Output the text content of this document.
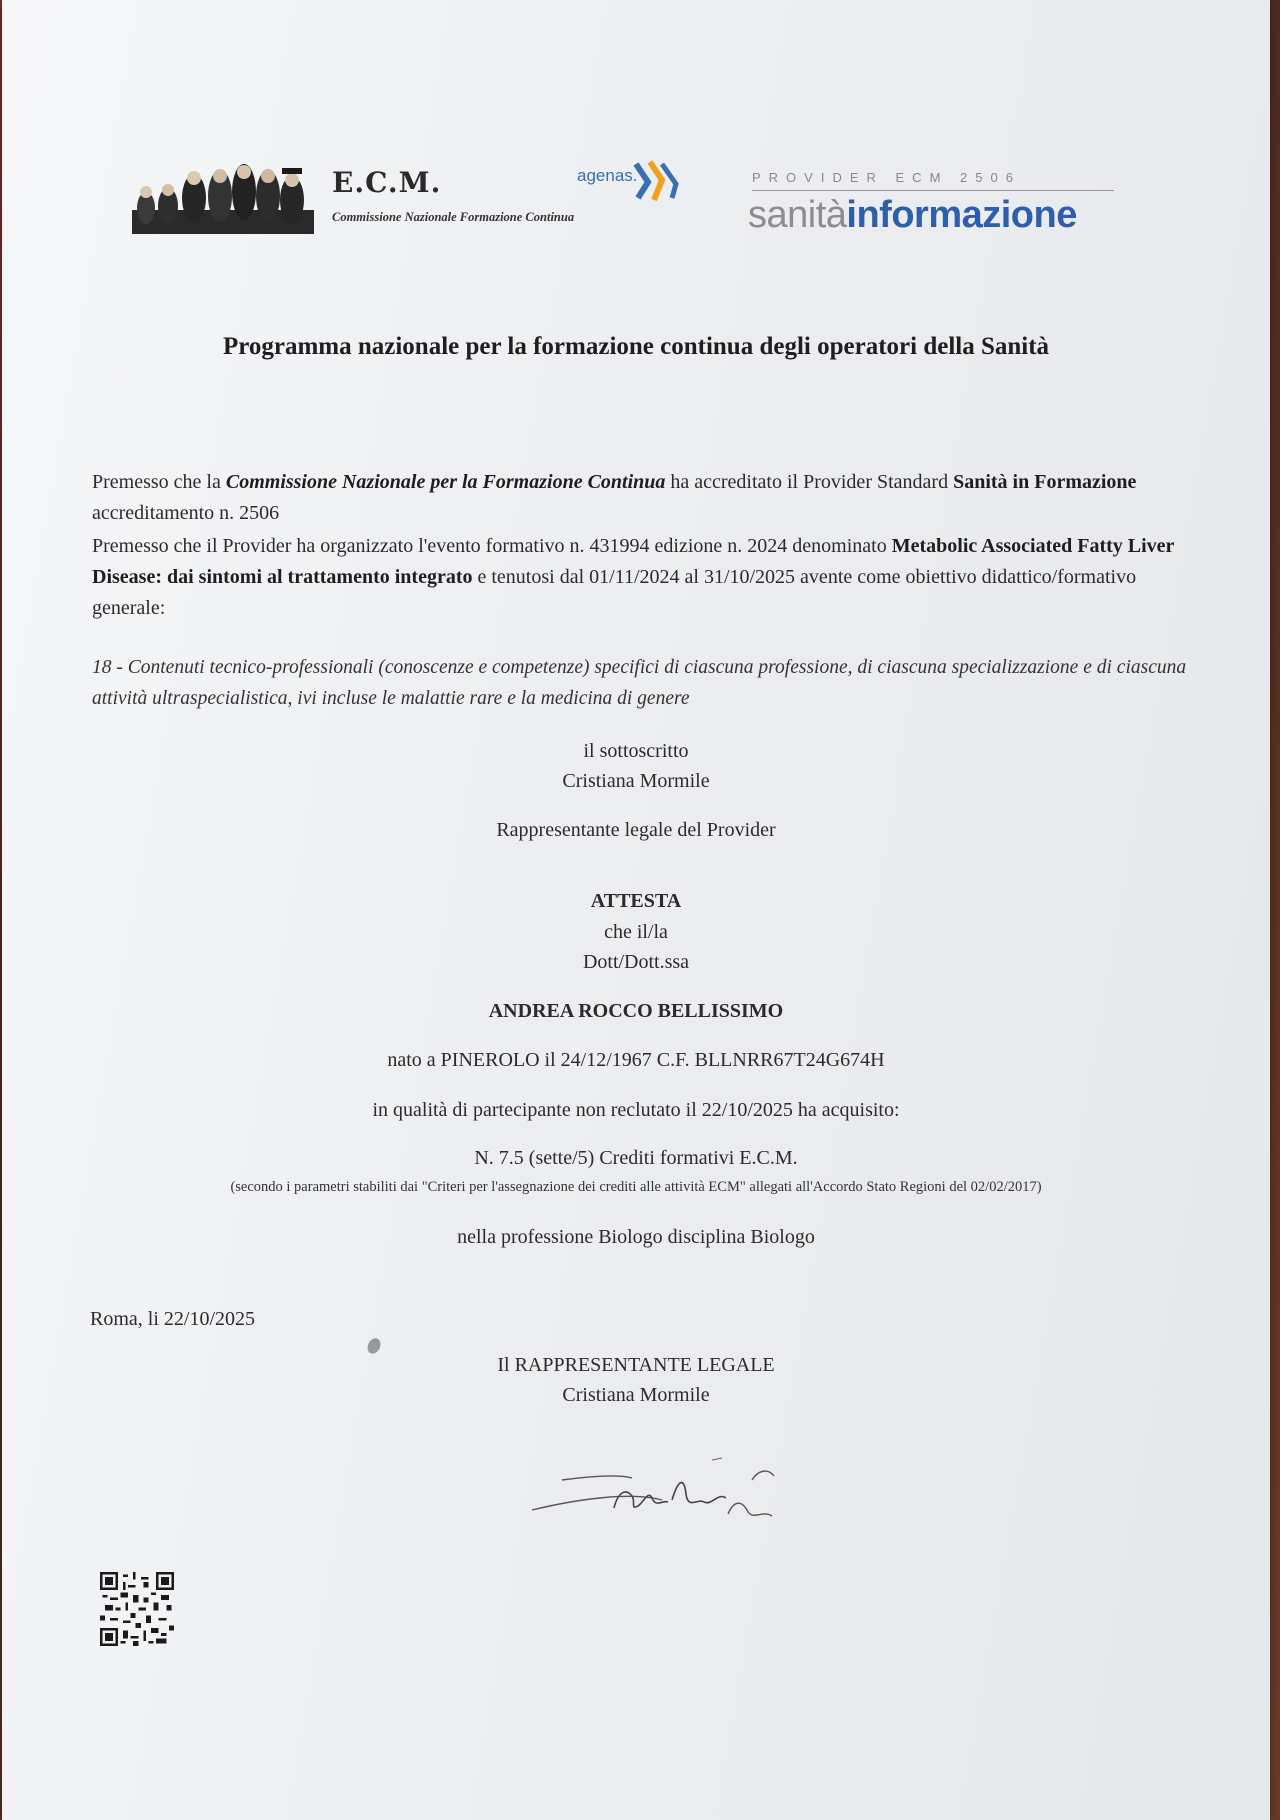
E.C.M.
Commissione Nazionale Formazione Continua
agenas.	PROVIDER ECM 2506
sanitàinformazione
Programma nazionale per la formazione continua degli operatori della Sanità
Premesso che la Commissione Nazionale per la Formazione Continua ha accreditato il Provider Standard Sanità in Formazione accreditamento n. 2506
Premesso che il Provider ha organizzato l'evento formativo n. 431994 edizione n. 2024 denominato Metabolic Associated Fatty Liver Disease: dai sintomi al trattamento integrato e tenutosi dal 01/11/2024 al 31/10/2025 avente come obiettivo didattico/formativo generale:
18 - Contenuti tecnico-professionali (conoscenze e competenze) specifici di ciascuna professione, di ciascuna specializzazione e di ciascuna attività ultraspecialistica, ivi incluse le malattie rare e la medicina di genere
il sottoscritto
Cristiana Mormile
Rappresentante legale del Provider
ATTESTA
che il/la
Dott/Dott.ssa
ANDREA ROCCO BELLISSIMO
nato a PINEROLO il 24/12/1967 C.F. BLLNRR67T24G674H
in qualità di partecipante non reclutato il 22/10/2025 ha acquisito:
N. 7.5 (sette/5) Crediti formativi E.C.M.
(secondo i parametri stabiliti dai "Criteri per l'assegnazione dei crediti alle attività ECM" allegati all'Accordo Stato Regioni del 02/02/2017)
nella professione Biologo disciplina Biologo
Roma, li 22/10/2025
Il RAPPRESENTANTE LEGALE
Cristiana Mormile
